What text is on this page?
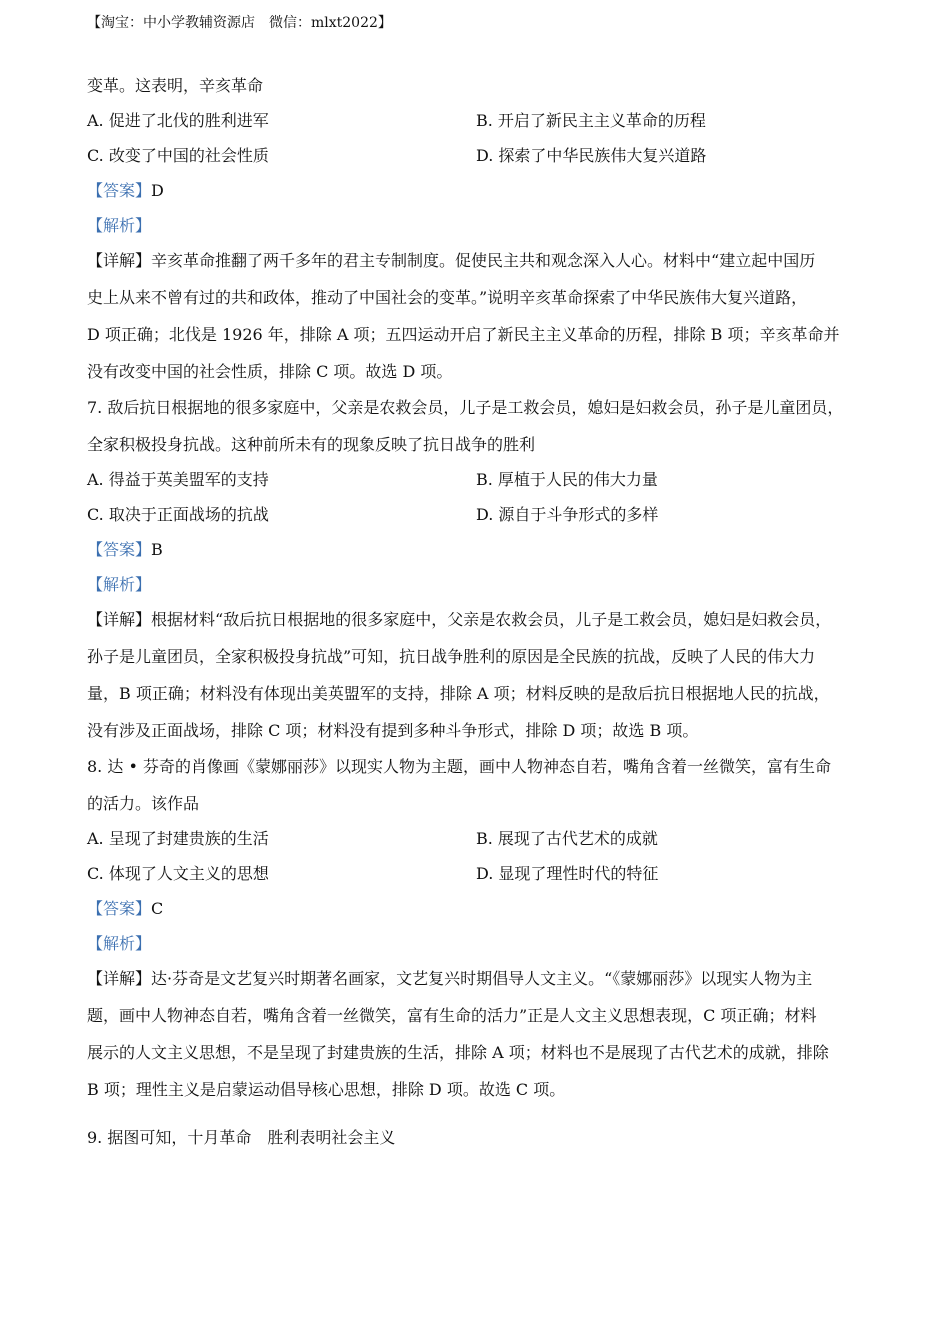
【淘宝：中小学教辅资源店　微信：mlxt2022】
变革。这表明，辛亥革命
A. 促进了北伐的胜利进军	B. 开启了新民主主义革命的历程
C. 改变了中国的社会性质	D. 探索了中华民族伟大复兴道路
【答案】D
【解析】
【详解】辛亥革命推翻了两千多年的君主专制制度。促使民主共和观念深入人心。材料中“建立起中国历
史上从来不曾有过的共和政体，推动了中国社会的变革。”说明辛亥革命探索了中华民族伟大复兴道路，
D 项正确；北伐是 1926 年，排除 A 项；五四运动开启了新民主主义革命的历程，排除 B 项；辛亥革命并
没有改变中国的社会性质，排除 C 项。故选 D 项。
7. 敌后抗日根据地的很多家庭中，父亲是农救会员，儿子是工救会员，媳妇是妇救会员，孙子是儿童团员，
全家积极投身抗战。这种前所未有的现象反映了抗日战争的胜利
A. 得益于英美盟军的支持	B. 厚植于人民的伟大力量
C. 取决于正面战场的抗战	D. 源自于斗争形式的多样
【答案】B
【解析】
【详解】根据材料“敌后抗日根据地的很多家庭中，父亲是农救会员，儿子是工救会员，媳妇是妇救会员，
孙子是儿童团员，全家积极投身抗战”可知，抗日战争胜利的原因是全民族的抗战，反映了人民的伟大力
量，B 项正确；材料没有体现出美英盟军的支持，排除 A 项；材料反映的是敌后抗日根据地人民的抗战，
没有涉及正面战场，排除 C 项；材料没有提到多种斗争形式，排除 D 项；故选 B 项。
8. 达 • 芬奇的肖像画《蒙娜丽莎》以现实人物为主题，画中人物神态自若，嘴角含着一丝微笑，富有生命
的活力。该作品
A. 呈现了封建贵族的生活	B. 展现了古代艺术的成就
C. 体现了人文主义的思想	D. 显现了理性时代的特征
【答案】C
【解析】
【详解】达·芬奇是文艺复兴时期著名画家，文艺复兴时期倡导人文主义。“《蒙娜丽莎》以现实人物为主
题，画中人物神态自若，嘴角含着一丝微笑，富有生命的活力”正是人文主义思想表现，C 项正确；材料
展示的人文主义思想，不是呈现了封建贵族的生活，排除 A 项；材料也不是展现了古代艺术的成就，排除
B 项；理性主义是启蒙运动倡导核心思想，排除 D 项。故选 C 项。
9. 据图可知，十月革命　胜利表明社会主义
